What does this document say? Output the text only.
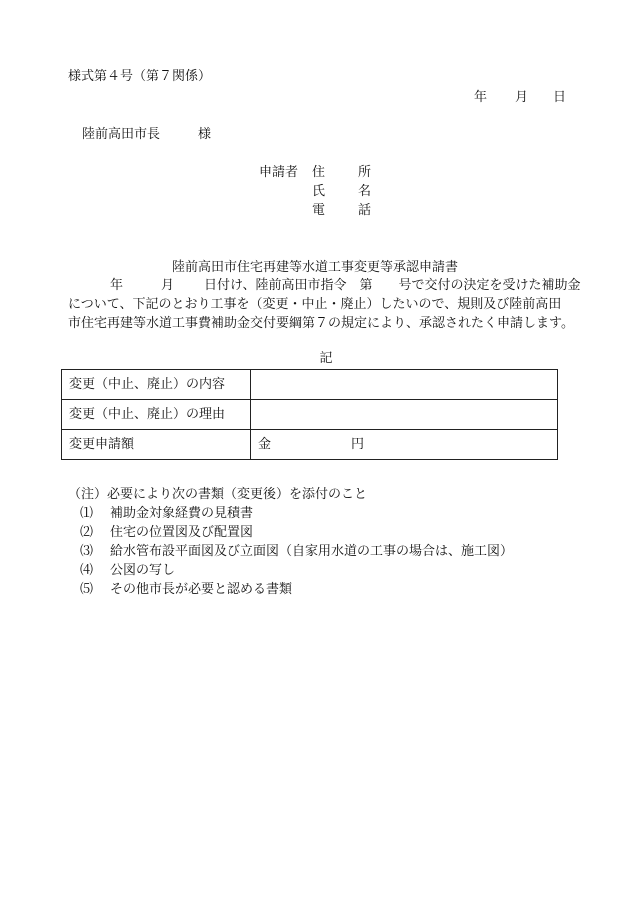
様式第４号（第７関係）
年 月 日
陸前高田市長	様
申請者 住　所
氏　名
電　話
陸前高田市住宅再建等水道工事変更等承認申請書
年	月 日付け、陸前高田市指令　第　　号で交付の決定を受けた補助金
について、下記のとおり工事を（変更・中止・廃止）したいので、規則及び陸前高田
市住宅再建等水道工事費補助金交付要綱第７の規定により、承認されたく申請します。
記
変更（中止、廃止）の内容	
変更（中止、廃止）の理由	
変更申請額	金 円
（注）必要により次の書類（変更後）を添付のこと
⑴ 補助金対象経費の見積書
⑵ 住宅の位置図及び配置図
⑶ 給水管布設平面図及び立面図（自家用水道の工事の場合は、施工図）
⑷ 公図の写し
⑸ その他市長が必要と認める書類
